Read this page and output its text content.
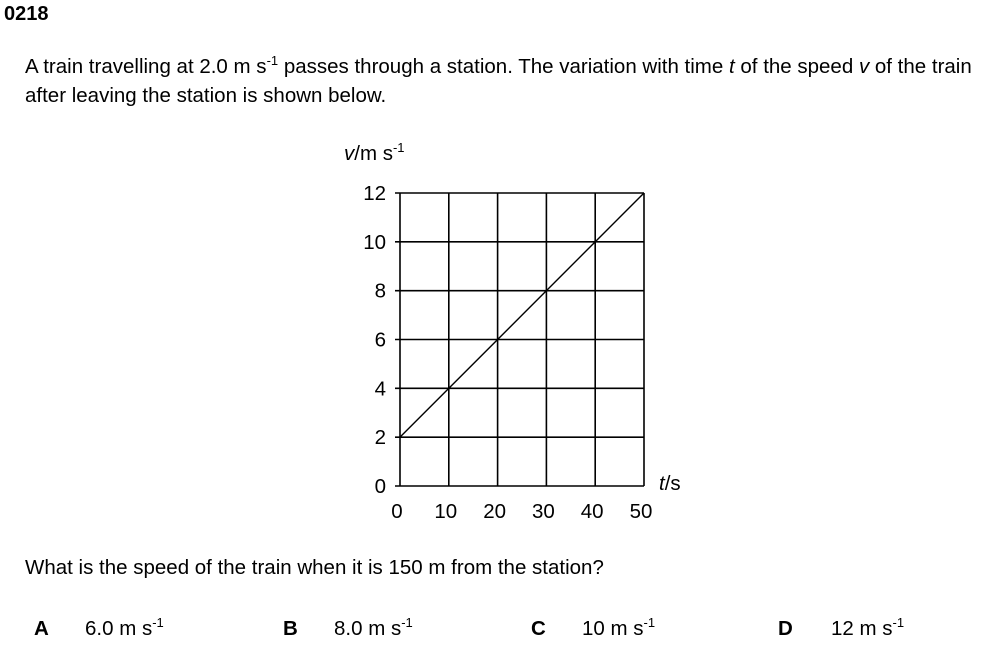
0218
A train travelling at 2.0 m $s^{-1}$ passes through a station. The variation with time t of the speed v of the train after leaving the station is shown below.
v/m $s^{-1}$
0
2
4
6
8
10
12
0 10 20 30 40 50
t/s
What is the speed of the train when it is 150 m from the station?
A 6.0 m $s^{-1}$	B 8.0 m $s^{-1}$	C 10 m $s^{-1}$	D 12 m $s^{-1}$
